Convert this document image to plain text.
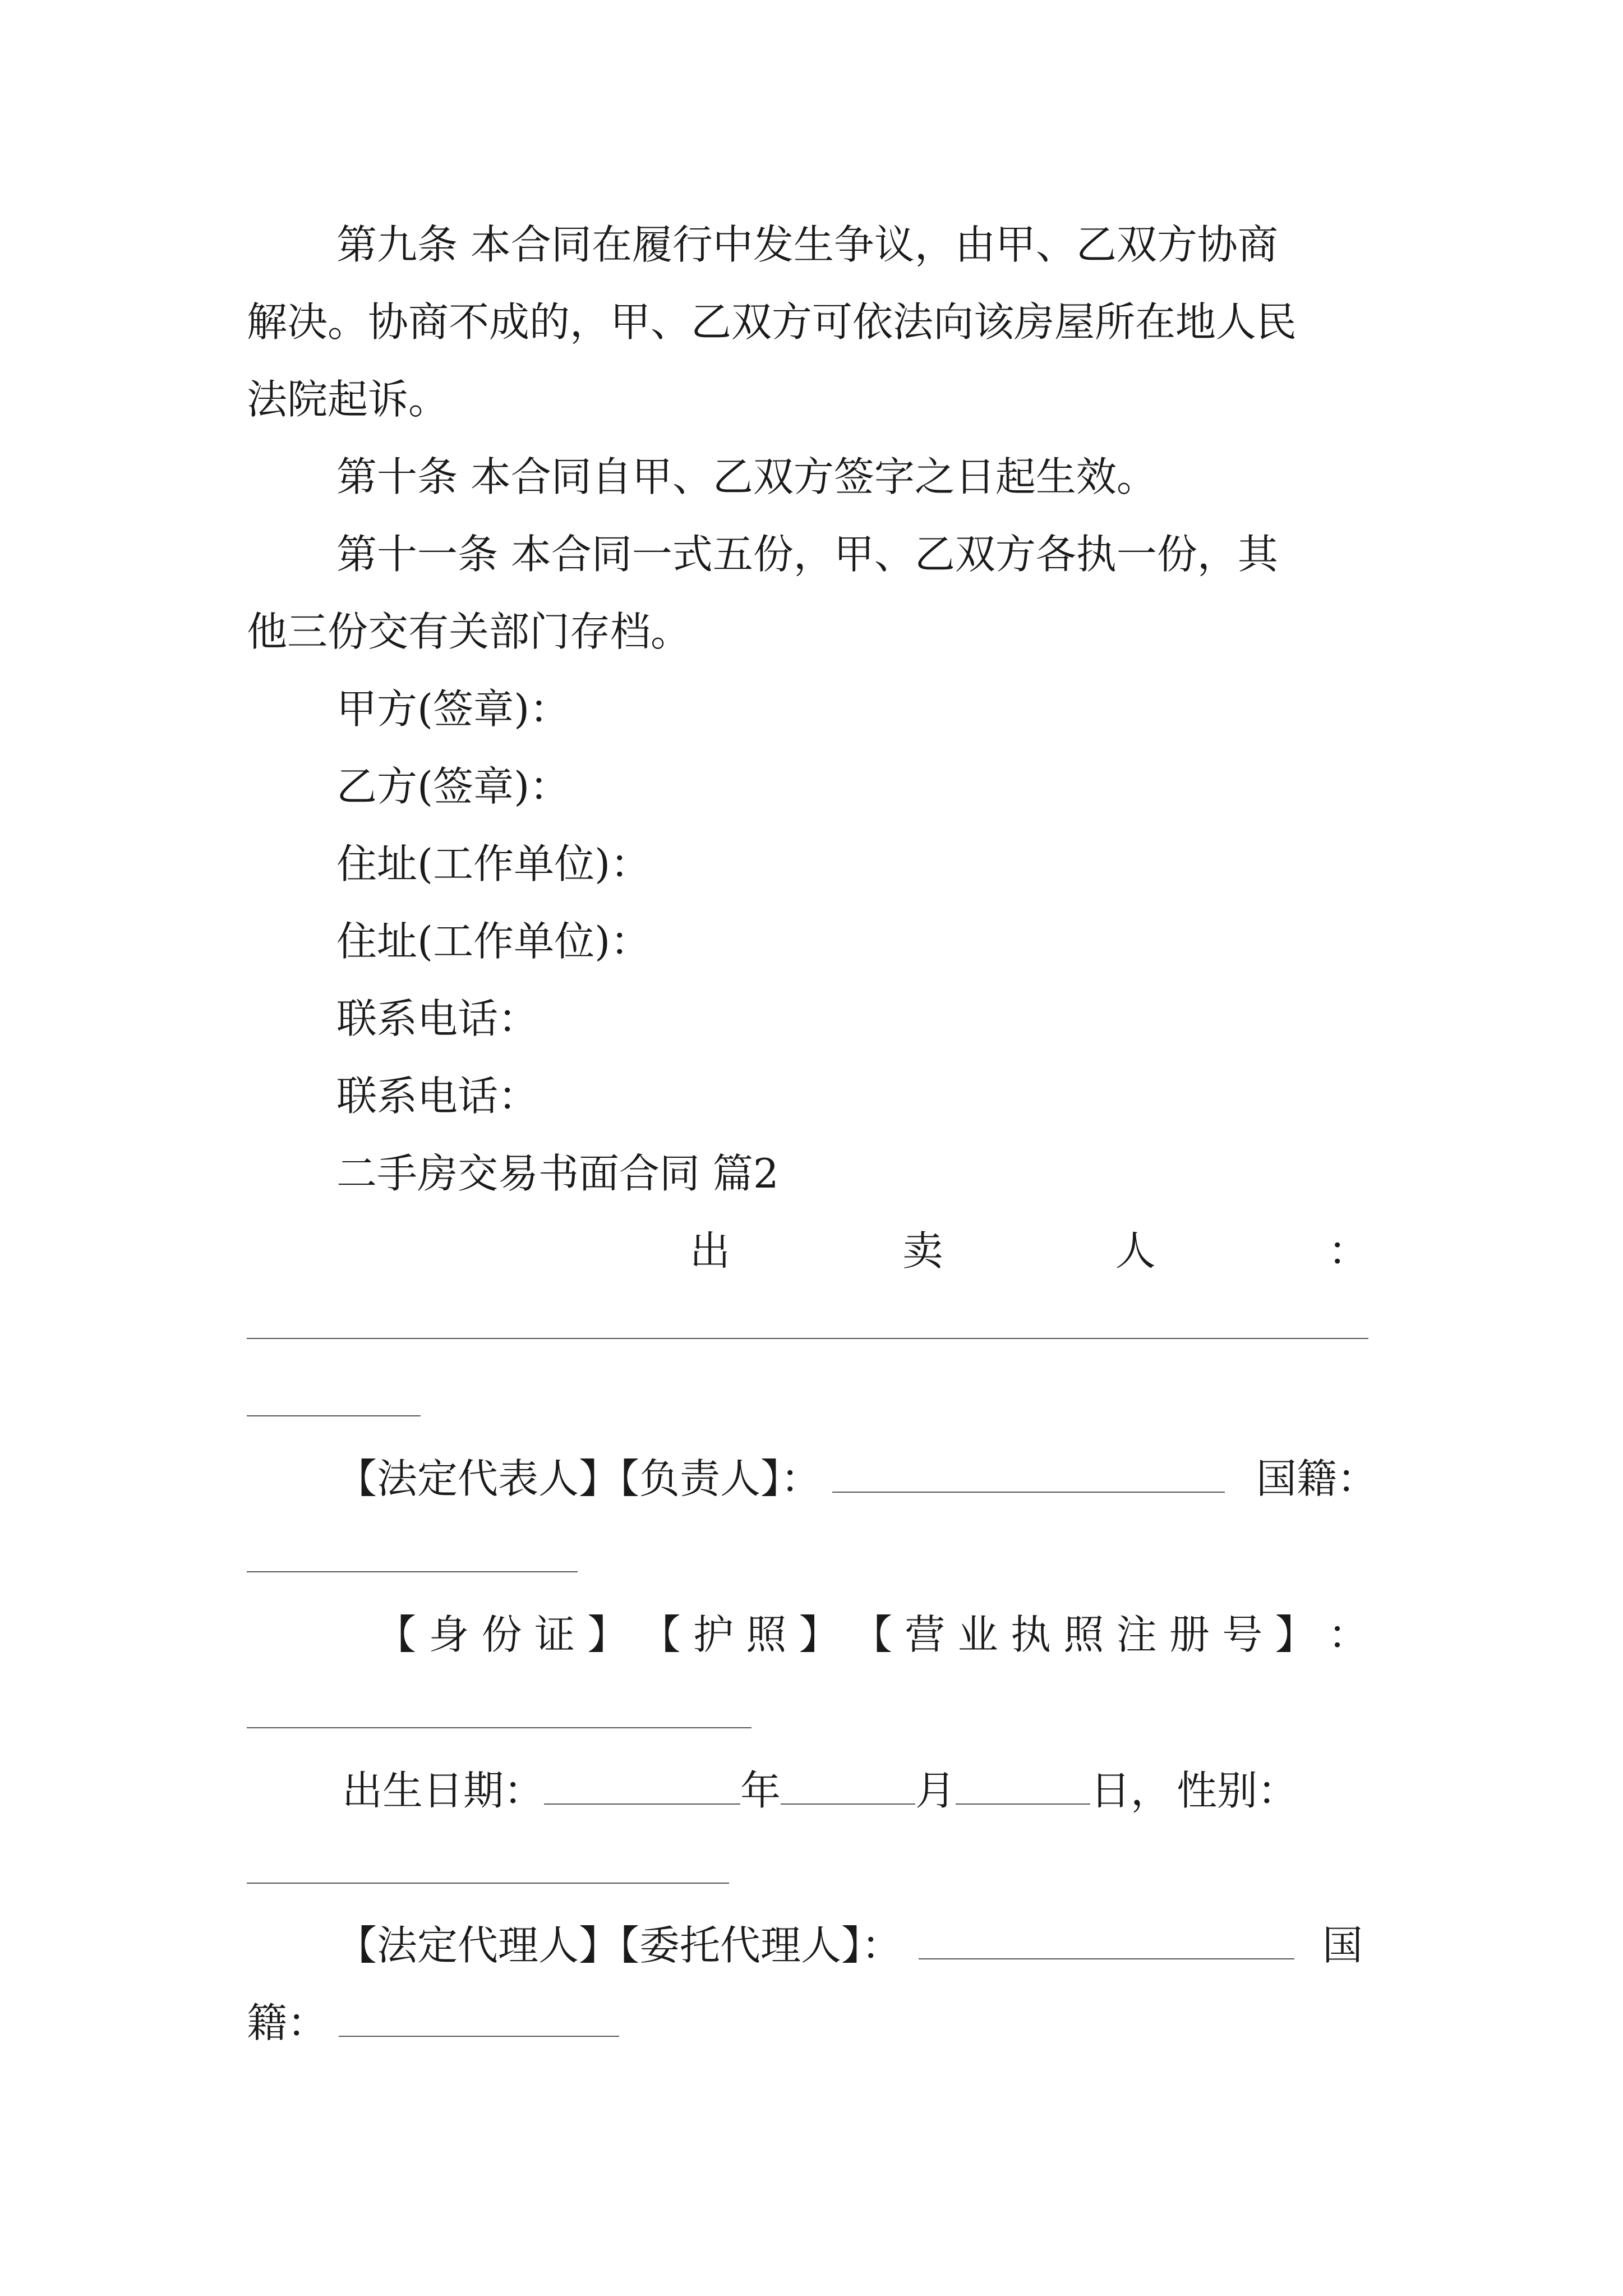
第九条 本合同在履行中发生争议，由甲、乙双方协商
解决。协商不成的，甲、乙双方可依法向该房屋所在地人民
法院起诉。
第十条 本合同自甲、乙双方签字之日起生效。
第十一条 本合同一式五份，甲、乙双方各执一份，其
他三份交有关部门存档。
甲方(签章)：
乙方(签章)：
住址(工作单位)：
住址(工作单位)：
联系电话：
联系电话：
二手房交易书面合同 篇2
出	卖	人	：
【法定代表人】【负责人】：	国籍：
【 身 份 证 】 【 护 照 】 【 营 业 执 照 注 册 号 】 ：
出生日期：	年	月	日， 性别：
【法定代理人】【委托代理人】：	国
籍：
